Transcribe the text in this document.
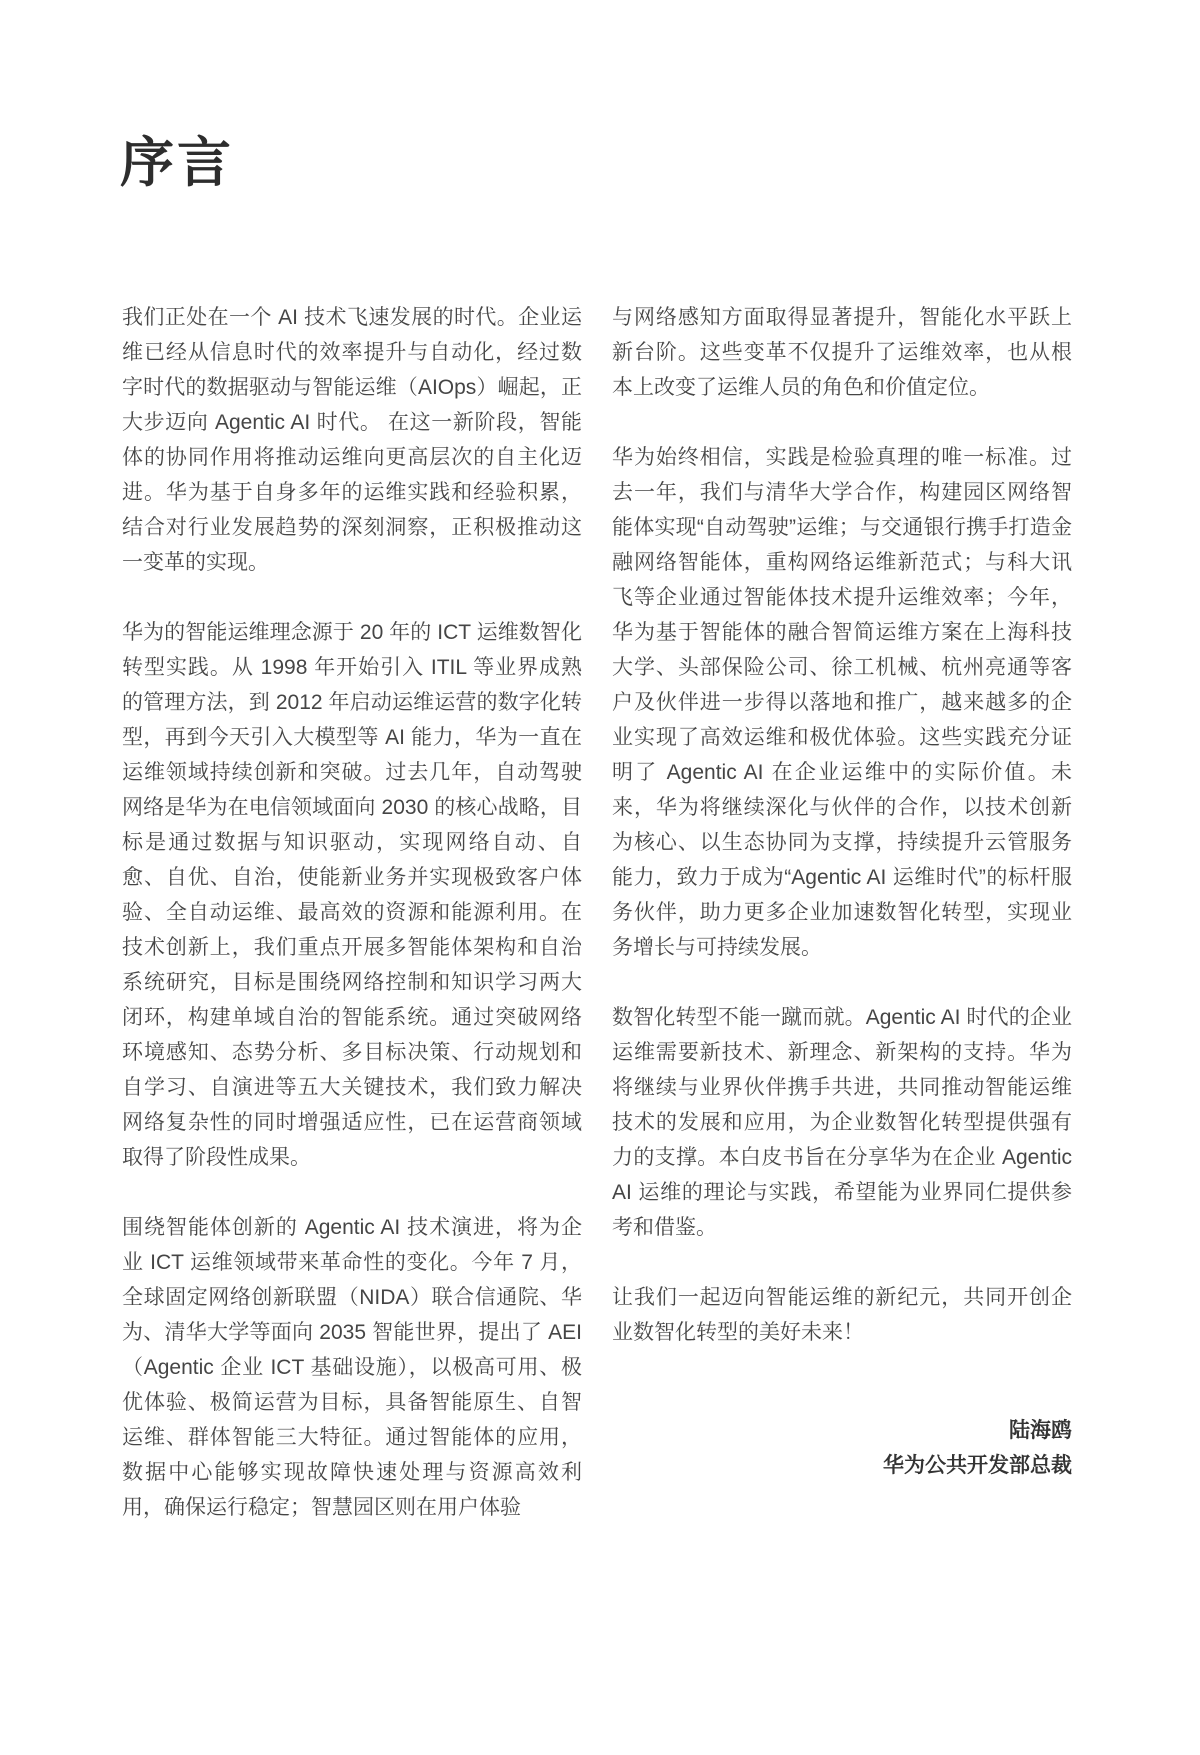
序言

我们正处在一个 AI 技术飞速发展的时代。企业运维已经从信息时代的效率提升与自动化，经过数字时代的数据驱动与智能运维（AIOps）崛起，正大步迈向 Agentic AI 时代。 在这一新阶段，智能体的协同作用将推动运维向更高层次的自主化迈进。华为基于自身多年的运维实践和经验积累，结合对行业发展趋势的深刻洞察，正积极推动这一变革的实现。

华为的智能运维理念源于 20 年的 ICT 运维数智化转型实践。从 1998 年开始引入 ITIL 等业界成熟的管理方法，到 2012 年启动运维运营的数字化转型，再到今天引入大模型等 AI 能力，华为一直在运维领域持续创新和突破。过去几年，自动驾驶网络是华为在电信领域面向 2030 的核心战略，目标是通过数据与知识驱动，实现网络自动、自愈、自优、自治，使能新业务并实现极致客户体验、全自动运维、最高效的资源和能源利用。在技术创新上，我们重点开展多智能体架构和自治系统研究，目标是围绕网络控制和知识学习两大闭环，构建单域自治的智能系统。通过突破网络环境感知、态势分析、多目标决策、行动规划和自学习、自演进等五大关键技术，我们致力解决网络复杂性的同时增强适应性，已在运营商领域取得了阶段性成果。

围绕智能体创新的 Agentic AI 技术演进，将为企业 ICT 运维领域带来革命性的变化。今年 7 月，全球固定网络创新联盟（NIDA）联合信通院、华为、清华大学等面向 2035 智能世界，提出了 AEI（Agentic 企业 ICT 基础设施），以极高可用、极优体验、极简运营为目标，具备智能原生、自智运维、群体智能三大特征。通过智能体的应用，数据中心能够实现故障快速处理与资源高效利用，确保运行稳定；智慧园区则在用户体验

与网络感知方面取得显著提升，智能化水平跃上新台阶。这些变革不仅提升了运维效率，也从根本上改变了运维人员的角色和价值定位。

华为始终相信，实践是检验真理的唯一标准。过去一年，我们与清华大学合作，构建园区网络智能体实现“自动驾驶”运维；与交通银行携手打造金融网络智能体，重构网络运维新范式；与科大讯飞等企业通过智能体技术提升运维效率；今年，华为基于智能体的融合智简运维方案在上海科技大学、头部保险公司、徐工机械、杭州亮通等客户及伙伴进一步得以落地和推广，越来越多的企业实现了高效运维和极优体验。这些实践充分证明了 Agentic AI 在企业运维中的实际价值。未来，华为将继续深化与伙伴的合作，以技术创新为核心、以生态协同为支撑，持续提升云管服务能力，致力于成为“Agentic AI 运维时代”的标杆服务伙伴，助力更多企业加速数智化转型，实现业务增长与可持续发展。

数智化转型不能一蹴而就。Agentic AI 时代的企业运维需要新技术、新理念、新架构的支持。华为将继续与业界伙伴携手共进，共同推动智能运维技术的发展和应用，为企业数智化转型提供强有力的支撑。本白皮书旨在分享华为在企业 Agentic AI 运维的理论与实践，希望能为业界同仁提供参考和借鉴。

让我们一起迈向智能运维的新纪元，共同开创企业数智化转型的美好未来！

陆海鸥
华为公共开发部总裁
